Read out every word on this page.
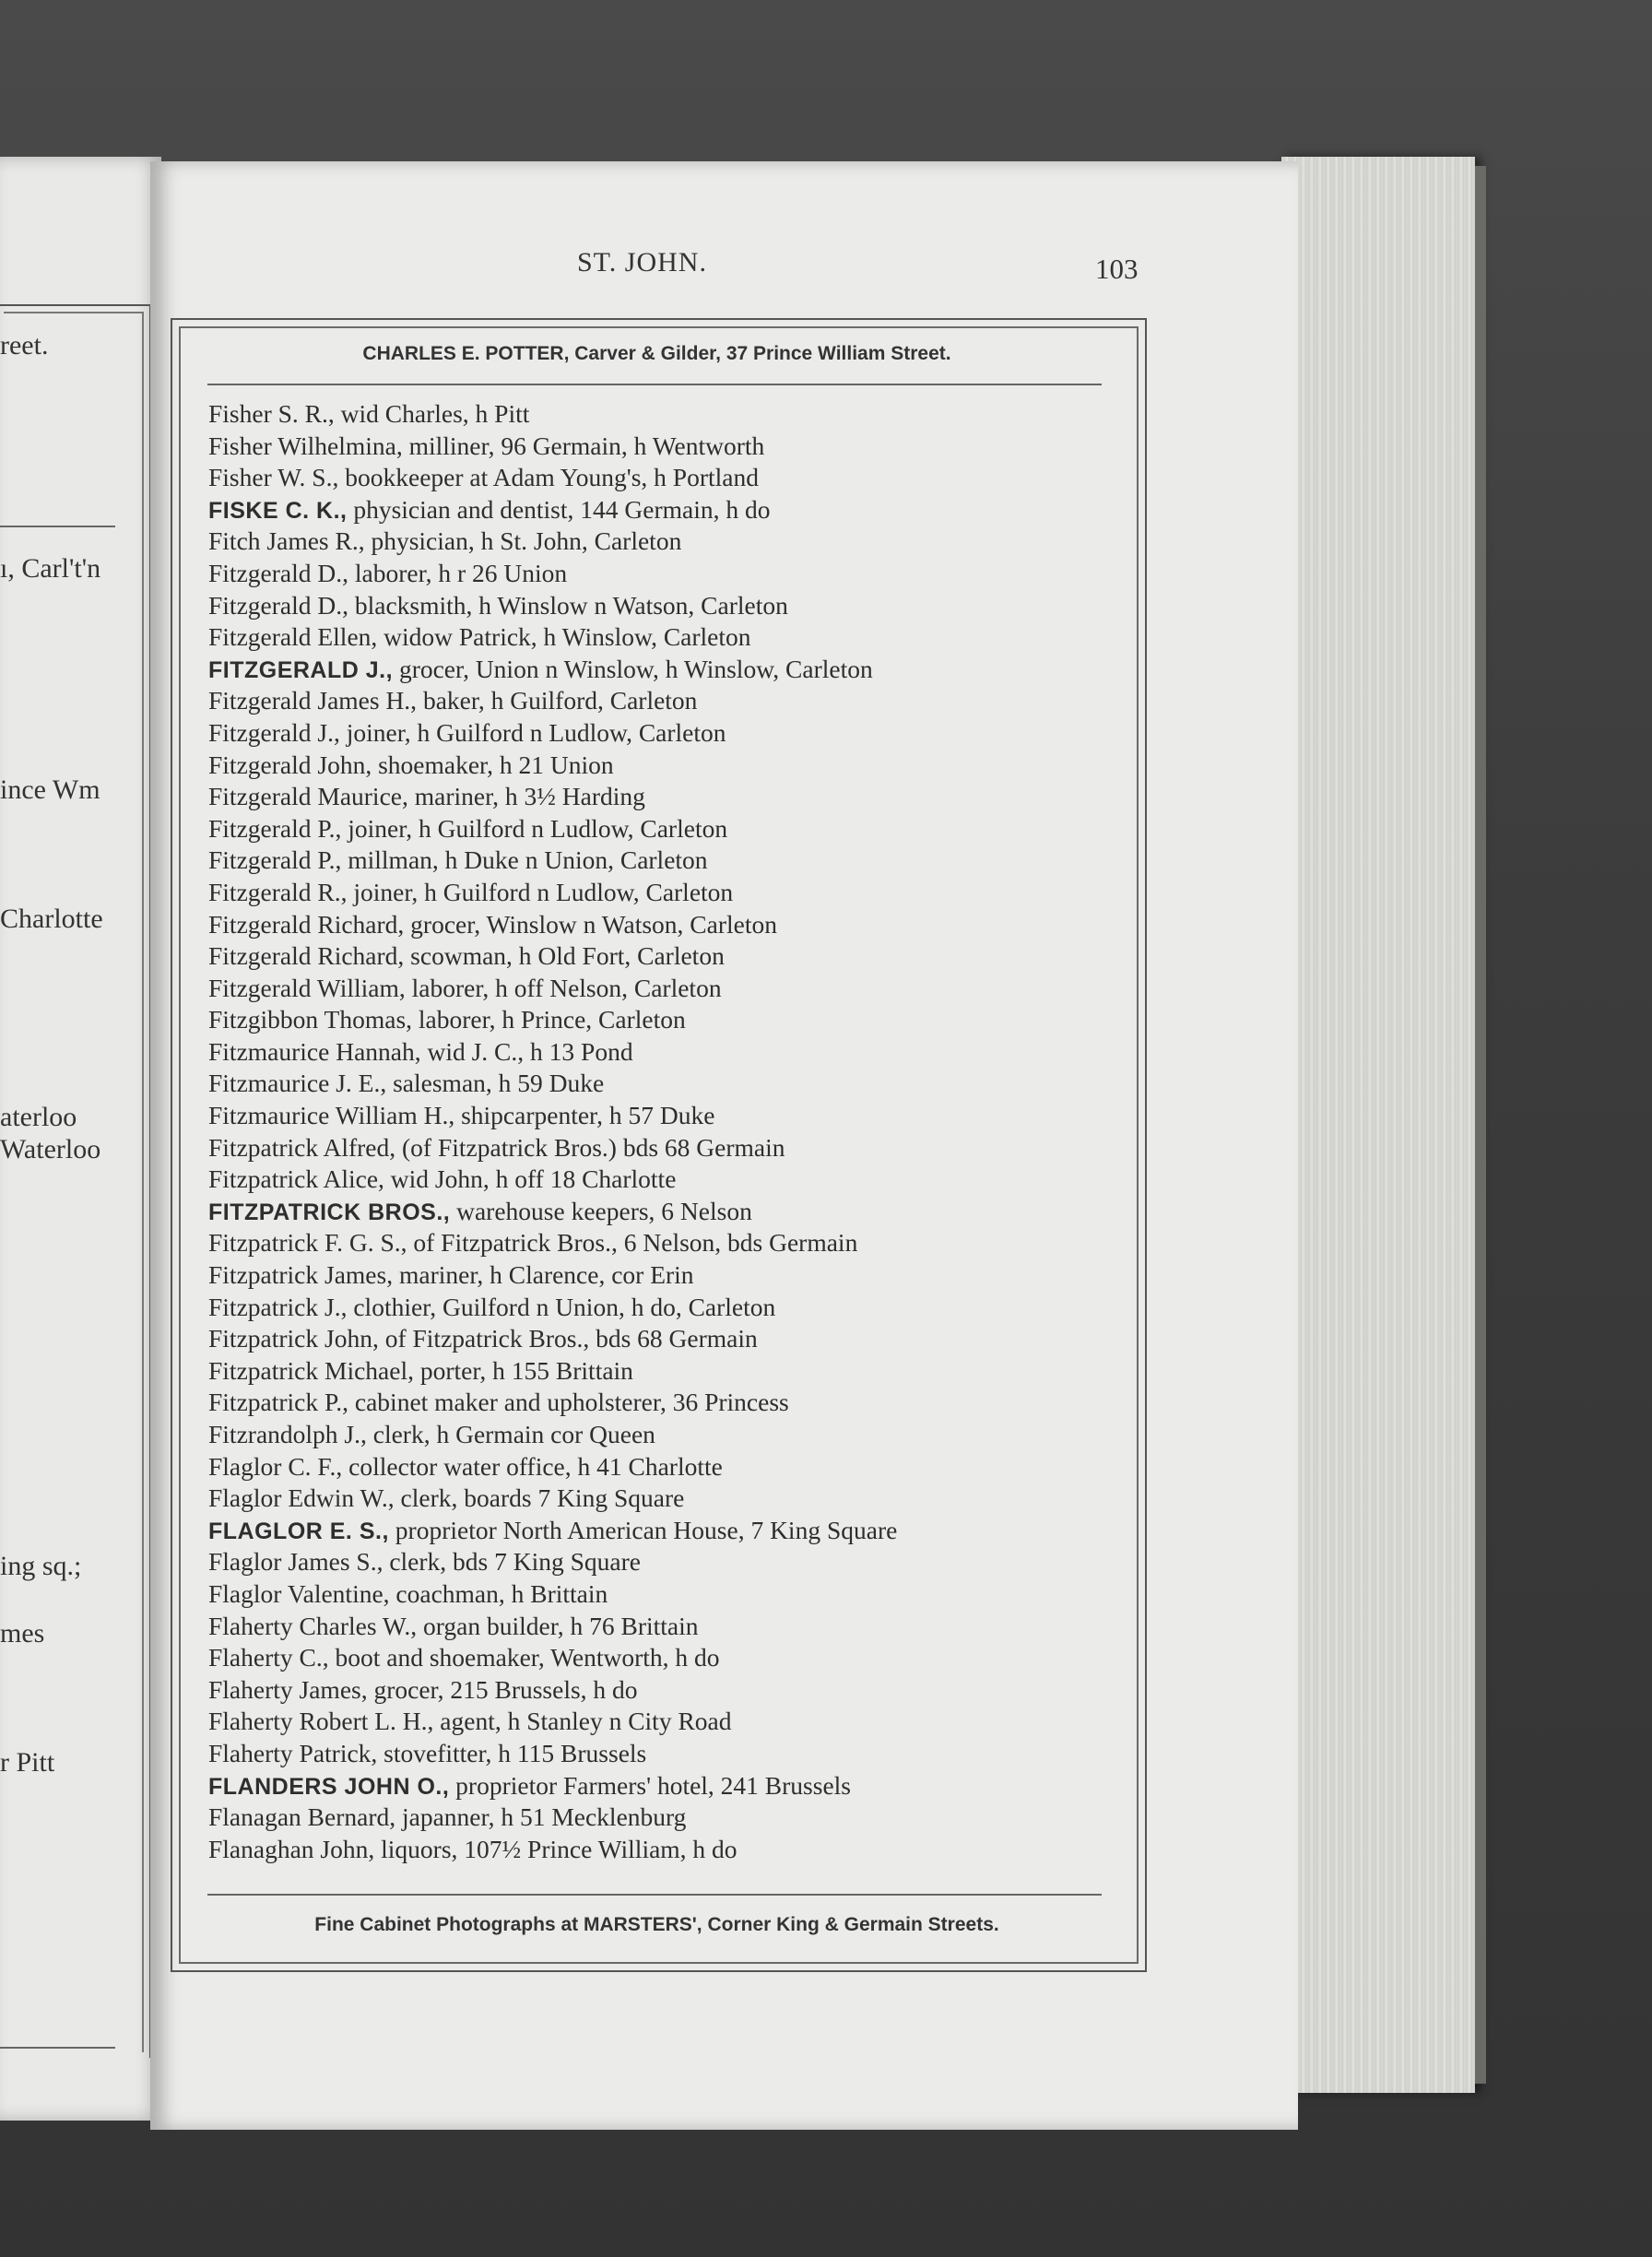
reet.
ı, Carl't'n
ince Wm
Charlotte
aterloo
Waterloo
ing sq.;
mes
r Pitt
ST. JOHN.	103
CHARLES E. POTTER, Carver & Gilder, 37 Prince William Street.
Fisher S. R., wid Charles, h Pitt
Fisher Wilhelmina, milliner, 96 Germain, h Wentworth
Fisher W. S., bookkeeper at Adam Young's, h Portland
FISKE C. K., physician and dentist, 144 Germain, h do
Fitch James R., physician, h St. John, Carleton
Fitzgerald D., laborer, h r 26 Union
Fitzgerald D., blacksmith, h Winslow n Watson, Carleton
Fitzgerald Ellen, widow Patrick, h Winslow, Carleton
FITZGERALD J., grocer, Union n Winslow, h Winslow, Carleton
Fitzgerald James H., baker, h Guilford, Carleton
Fitzgerald J., joiner, h Guilford n Ludlow, Carleton
Fitzgerald John, shoemaker, h 21 Union
Fitzgerald Maurice, mariner, h 3½ Harding
Fitzgerald P., joiner, h Guilford n Ludlow, Carleton
Fitzgerald P., millman, h Duke n Union, Carleton
Fitzgerald R., joiner, h Guilford n Ludlow, Carleton
Fitzgerald Richard, grocer, Winslow n Watson, Carleton
Fitzgerald Richard, scowman, h Old Fort, Carleton
Fitzgerald William, laborer, h off Nelson, Carleton
Fitzgibbon Thomas, laborer, h Prince, Carleton
Fitzmaurice Hannah, wid J. C., h 13 Pond
Fitzmaurice J. E., salesman, h 59 Duke
Fitzmaurice William H., shipcarpenter, h 57 Duke
Fitzpatrick Alfred, (of Fitzpatrick Bros.) bds 68 Germain
Fitzpatrick Alice, wid John, h off 18 Charlotte
FITZPATRICK BROS., warehouse keepers, 6 Nelson
Fitzpatrick F. G. S., of Fitzpatrick Bros., 6 Nelson, bds Germain
Fitzpatrick James, mariner, h Clarence, cor Erin
Fitzpatrick J., clothier, Guilford n Union, h do, Carleton
Fitzpatrick John, of Fitzpatrick Bros., bds 68 Germain
Fitzpatrick Michael, porter, h 155 Brittain
Fitzpatrick P., cabinet maker and upholsterer, 36 Princess
Fitzrandolph J., clerk, h Germain cor Queen
Flaglor C. F., collector water office, h 41 Charlotte
Flaglor Edwin W., clerk, boards 7 King Square
FLAGLOR E. S., proprietor North American House, 7 King Square
Flaglor James S., clerk, bds 7 King Square
Flaglor Valentine, coachman, h Brittain
Flaherty Charles W., organ builder, h 76 Brittain
Flaherty C., boot and shoemaker, Wentworth, h do
Flaherty James, grocer, 215 Brussels, h do
Flaherty Robert L. H., agent, h Stanley n City Road
Flaherty Patrick, stovefitter, h 115 Brussels
FLANDERS JOHN O., proprietor Farmers' hotel, 241 Brussels
Flanagan Bernard, japanner, h 51 Mecklenburg
Flanaghan John, liquors, 107½ Prince William, h do
Fine Cabinet Photographs at MARSTERS', Corner King & Germain Streets.
